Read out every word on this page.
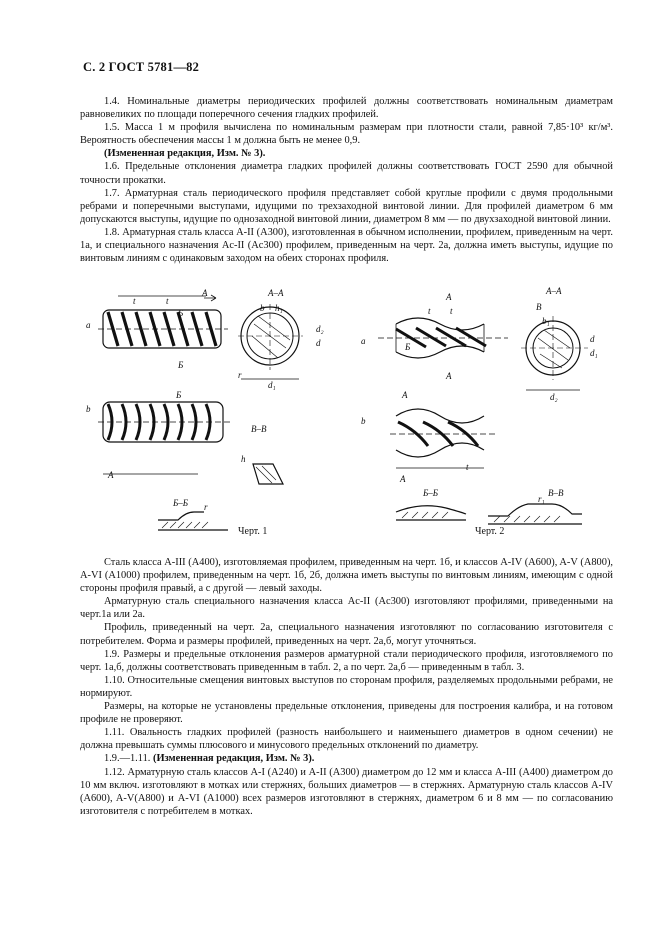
С. 2 ГОСТ 5781—82

1.4. Номинальные диаметры периодических профилей должны соответствовать номинальным диаметрам равновеликих по площади поперечного сечения гладких профилей.

1.5. Масса 1 м профиля вычислена по номинальным размерам при плотности стали, равной 7,85·10³ кг/м³. Вероятность обеспечения массы 1 м должна быть не менее 0,9.

(Измененная редакция, Изм. № 3).

1.6. Предельные отклонения диаметра гладких профилей должны соответствовать ГОСТ 2590 для обычной точности прокатки.

1.7. Арматурная сталь периодического профиля представляет собой круглые профили с двумя продольными ребрами и поперечными выступами, идущими по трехзаходной винтовой линии. Для профилей диаметром 6 мм допускаются выступы, идущие по однозаходной винтовой линии, диаметром 8 мм — по двухзаходной винтовой линии.

1.8. Арматурная сталь класса A-II (A300), изготовленная в обычном исполнении, профилем, приведенным на черт. 1а, и специального назначения Ac-II (Ac300) профилем, приведенным на черт. 2а, должна иметь выступы, идущие по винтовым линиям с одинаковым заходом на обеих сторонах профиля.

а
t	t
Б
А
Б
А–А
d₁
b h₁
d₂
d
r
b
Б
А
В–В
h
Б–Б r
Черт. 1
а
А
t t
А
Б
А–А
В
b₁
d
d₁
d₂
b
А
t
А
Б–Б	В–В
r₁
Черт. 2

Сталь класса A-III (A400), изготовляемая профилем, приведенным на черт. 1б, и классов A-IV (A600), A-V (A800), A-VI (A1000) профилем, приведенным на черт. 1б, 2б, должна иметь выступы по винтовым линиям, имеющим с одной стороны профиля правый, а с другой — левый заходы.

Арматурную сталь специального назначения класса Ac-II (Ac300) изготовляют профилями, приведенными на черт.1а или 2а.

Профиль, приведенный на черт. 2а, специального назначения изготовляют по согласованию изготовителя с потребителем. Форма и размеры профилей, приведенных на черт. 2а,б, могут уточняться.

1.9. Размеры и предельные отклонения размеров арматурной стали периодического профиля, изготовляемого по черт. 1а,б, должны соответствовать приведенным в табл. 2, а по черт. 2а,б — приведенным в табл. 3.

1.10. Относительные смещения винтовых выступов по сторонам профиля, разделяемых продольными ребрами, не нормируют.

Размеры, на которые не установлены предельные отклонения, приведены для построения калибра, и на готовом профиле не проверяют.

1.11. Овальность гладких профилей (разность наибольшего и наименьшего диаметров в одном сечении) не должна превышать суммы плюсового и минусового предельных отклонений по диаметру.

1.9.—1.11. (Измененная редакция, Изм. № 3).

1.12. Арматурную сталь классов A-I (A240) и A-II (A300) диаметром до 12 мм и класса A-III (A400) диаметром до 10 мм включ. изготовляют в мотках или стержнях, больших диаметров — в стержнях. Арматурную сталь классов A-IV (A600), A-V(A800) и A-VI (A1000) всех размеров изготовляют в стержнях, диаметром 6 и 8 мм — по согласованию изготовителя с потребителем в мотках.
